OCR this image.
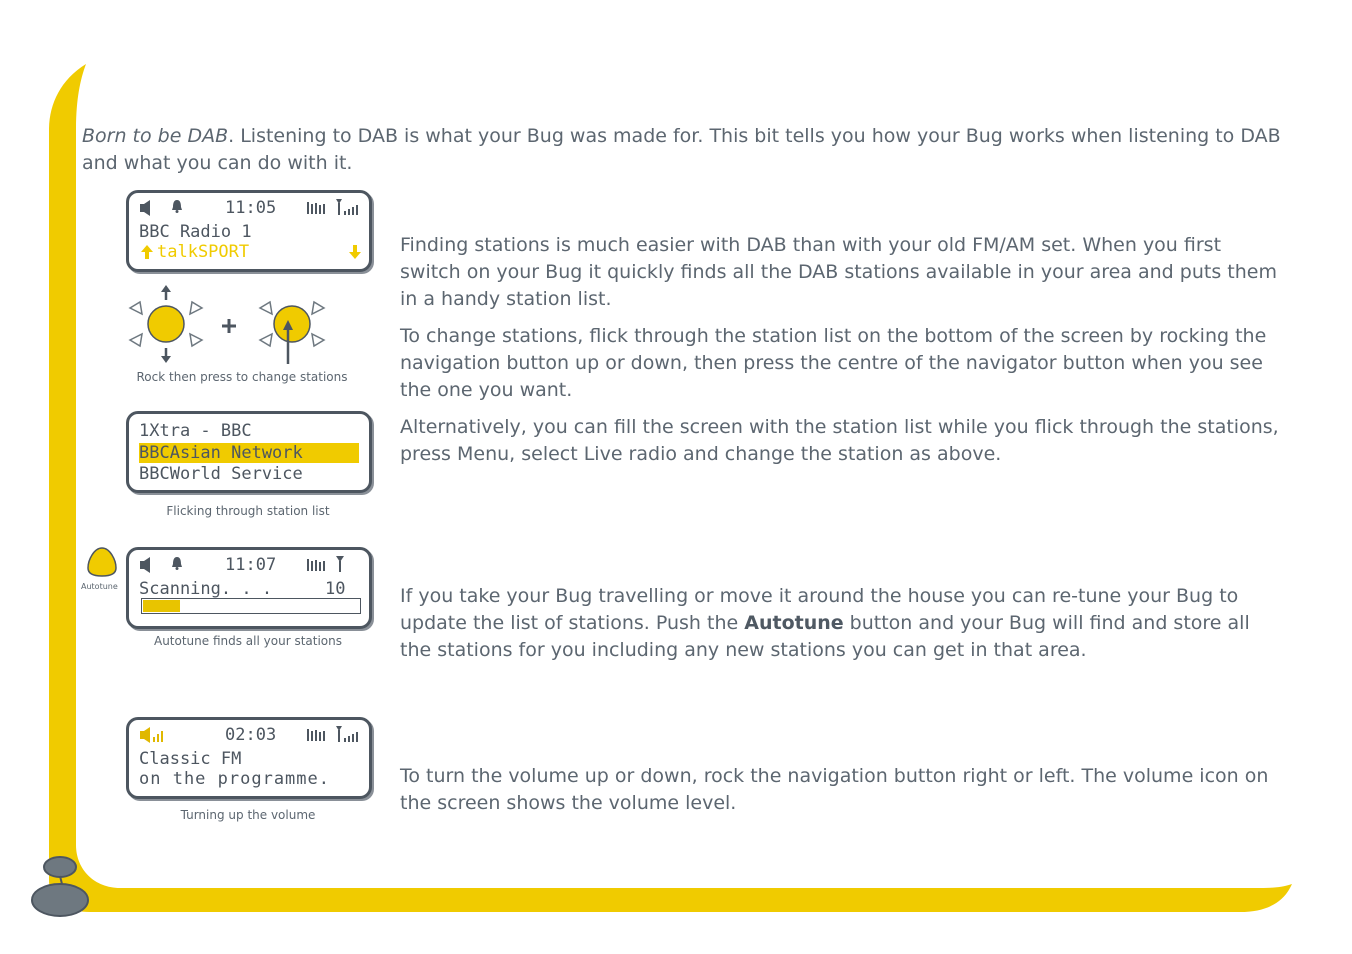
Born to be DAB. Listening to DAB is what your Bug was made for. This bit tells you how your Bug works when listening to DAB and what you can do with it.

11:05
BBC Radio 1
talkSPORT
Rock then press to change stations
1Xtra - BBC
BBCAsian Network
BBCWorld Service
Flicking through station list
Autotune
11:07
Scanning. . .	10
Autotune finds all your stations
02:03
Classic FM
on the programme.
Turning up the volume

Finding stations is much easier with DAB than with your old FM/AM set. When you first switch on your Bug it quickly finds all the DAB stations available in your area and puts them in a handy station list.

To change stations, flick through the station list on the bottom of the screen by rocking the navigation button up or down, then press the centre of the navigator button when you see the one you want.

Alternatively, you can fill the screen with the station list while you flick through the stations, press Menu, select Live radio and change the station as above.

If you take your Bug travelling or move it around the house you can re-tune your Bug to update the list of stations. Push the Autotune button and your Bug will find and store all the stations for you including any new stations you can get in that area.

To turn the volume up or down, rock the navigation button right or left. The volume icon on the screen shows the volume level.
